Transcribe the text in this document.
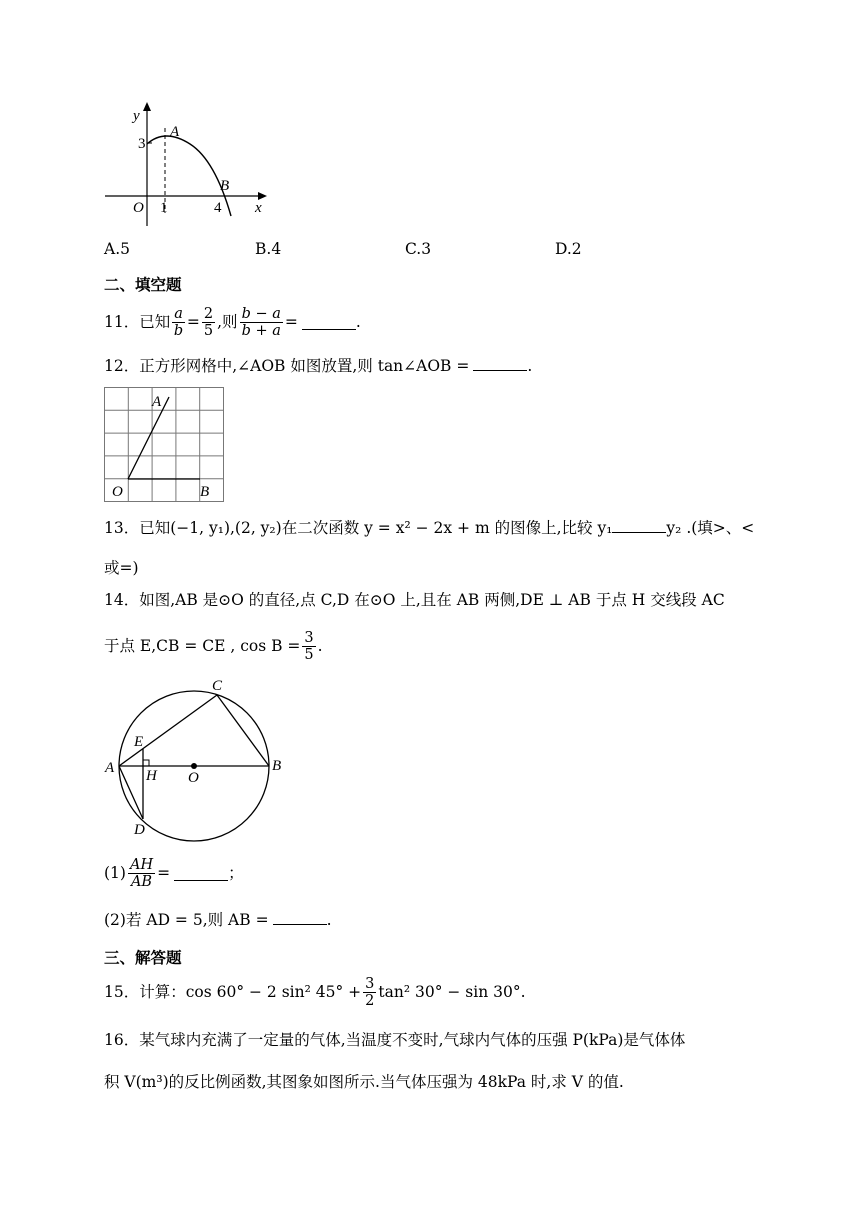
y
3
A
B
O 1	4 x
A.5	B.4	C.3	D.2
二、填空题
11．已知 $\frac{a}{b} = \frac{2}{5}$ ,则 $\frac{b - a}{b + a}$ =	.
12．正方形网格中,∠AOB 如图放置,则 tan∠AOB =	.
A
O	B
13．已知(−1, y₁),(2, y₂)在二次函数 y = x² − 2x + m 的图像上,比较 y₁	y₂ .(填>、<
或=)
14．如图,AB 是⊙O 的直径,点 C,D 在⊙O 上,且在 AB 两侧,DE ⊥ AB 于点 H 交线段 AC
于点 E,CB = CE , $\cos B = \frac{3}{5}$ .
A	B
C
D
E
H O
$(1) \frac{AH}{AB}$ =	；
(2)若 AD = 5,则 AB =	.
三、解答题
15．计算：cos 60° − 2 sin² $45^\circ + \frac{3}{2} \tan^2$ 30° − sin 30°.
16．某气球内充满了一定量的气体,当温度不变时,气球内气体的压强 P(kPa)是气体体
积 V(m³)的反比例函数,其图象如图所示.当气体压强为 48kPa 时,求 V 的值.
